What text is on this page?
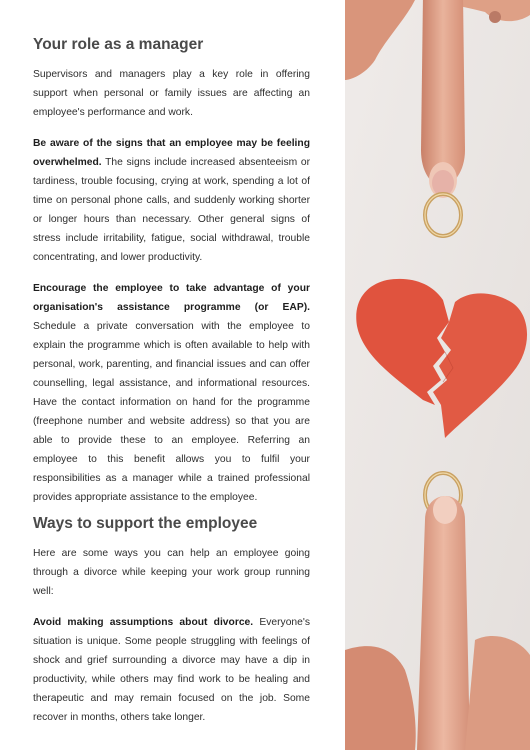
Your role as a manager

Supervisors and managers play a key role in offering support when personal or family issues are affecting an employee's performance and work.

Be aware of the signs that an employee may be feeling overwhelmed. The signs include increased absenteeism or tardiness, trouble focusing, crying at work, spending a lot of time on personal phone calls, and suddenly working shorter or longer hours than necessary. Other general signs of stress include irritability, fatigue, social withdrawal, trouble concentrating, and lower productivity.

Encourage the employee to take advantage of your organisation's assistance programme (or EAP). Schedule a private conversation with the employee to explain the programme which is often available to help with personal, work, parenting, and financial issues and can offer counselling, legal assistance, and informational resources. Have the contact information on hand for the programme (freephone number and website address) so that you are able to provide these to an employee. Referring an employee to this benefit allows you to fulfil your responsibilities as a manager while a trained professional provides appropriate assistance to the employee.

Ways to support the employee

Here are some ways you can help an employee going through a divorce while keeping your work group running well:

Avoid making assumptions about divorce. Everyone's situation is unique. Some people struggling with feelings of shock and grief surrounding a divorce may have a dip in productivity, while others may find work to be healing and therapeutic and may remain focused on the job. Some recover in months, others take longer.
